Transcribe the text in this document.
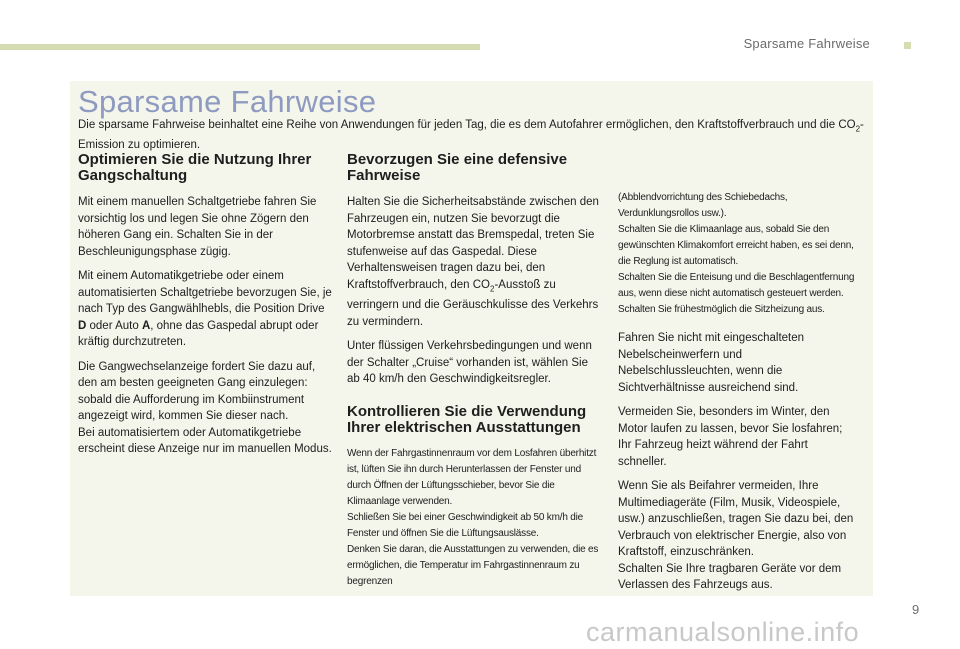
Sparsame Fahrweise
Sparsame Fahrweise
Die sparsame Fahrweise beinhaltet eine Reihe von Anwendungen für jeden Tag, die es dem Autofahrer ermöglichen, den Kraftstoffverbrauch und die $CO_2$-Emission zu optimieren.
Optimieren Sie die Nutzung Ihrer Gangschaltung

Mit einem manuellen Schaltgetriebe fahren Sie vorsichtig los und legen Sie ohne Zögern den höheren Gang ein. Schalten Sie in der Beschleunigungsphase zügig.

Mit einem Automatikgetriebe oder einem automatisierten Schaltgetriebe bevorzugen Sie, je nach Typ des Gangwählhebls, die Position Drive D oder Auto A, ohne das Gaspedal abrupt oder kräftig durchzutreten.

Die Gangwechselanzeige fordert Sie dazu auf, den am besten geeigneten Gang einzulegen: sobald die Aufforderung im Kombiinstrument angezeigt wird, kommen Sie dieser nach.

Bei automatisiertem oder Automatikgetriebe erscheint diese Anzeige nur im manuellen Modus.

Bevorzugen Sie eine defensive Fahrweise

Halten Sie die Sicherheitsabstände zwischen den Fahrzeugen ein, nutzen Sie bevorzugt die Motorbremse anstatt das Bremspedal, treten Sie stufenweise auf das Gaspedal. Diese Verhaltensweisen tragen dazu bei, den Kraftstoffverbrauch, den $CO_2$-Ausstoß zu verringern und die Geräuschkulisse des Verkehrs zu vermindern.

Unter flüssigen Verkehrsbedingungen und wenn der Schalter „Cruise“ vorhanden ist, wählen Sie ab 40 km/h den Geschwindigkeitsregler.

Kontrollieren Sie die Verwendung Ihrer elektrischen Ausstattungen

Wenn der Fahrgastinnenraum vor dem Losfahren überhitzt ist, lüften Sie ihn durch Herunterlassen der Fenster und durch Öffnen der Lüftungsschieber, bevor Sie die Klimaanlage verwenden.

Schließen Sie bei einer Geschwindigkeit ab 50 km/h die Fenster und öffnen Sie die Lüftungsauslässe.

Denken Sie daran, die Ausstattungen zu verwenden, die es ermöglichen, die Temperatur im Fahrgastinnenraum zu begrenzen

(Abblendvorrichtung des Schiebedachs, Verdunklungsrollos usw.).

Schalten Sie die Klimaanlage aus, sobald Sie den gewünschten Klimakomfort erreicht haben, es sei denn, die Reglung ist automatisch.

Schalten Sie die Enteisung und die Beschlagentfernung aus, wenn diese nicht automatisch gesteuert werden.

Schalten Sie frühestmöglich die Sitzheizung aus.

Fahren Sie nicht mit eingeschalteten Nebelscheinwerfern und Nebelschlussleuchten, wenn die Sichtverhältnisse ausreichend sind.

Vermeiden Sie, besonders im Winter, den Motor laufen zu lassen, bevor Sie losfahren; Ihr Fahrzeug heizt während der Fahrt schneller.

Wenn Sie als Beifahrer vermeiden, Ihre Multimediageräte (Film, Musik, Videospiele, usw.) anzuschließen, tragen Sie dazu bei, den Verbrauch von elektrischer Energie, also von Kraftstoff, einzuschränken.

Schalten Sie Ihre tragbaren Geräte vor dem Verlassen des Fahrzeugs aus.

9
carmanualsonline.info
